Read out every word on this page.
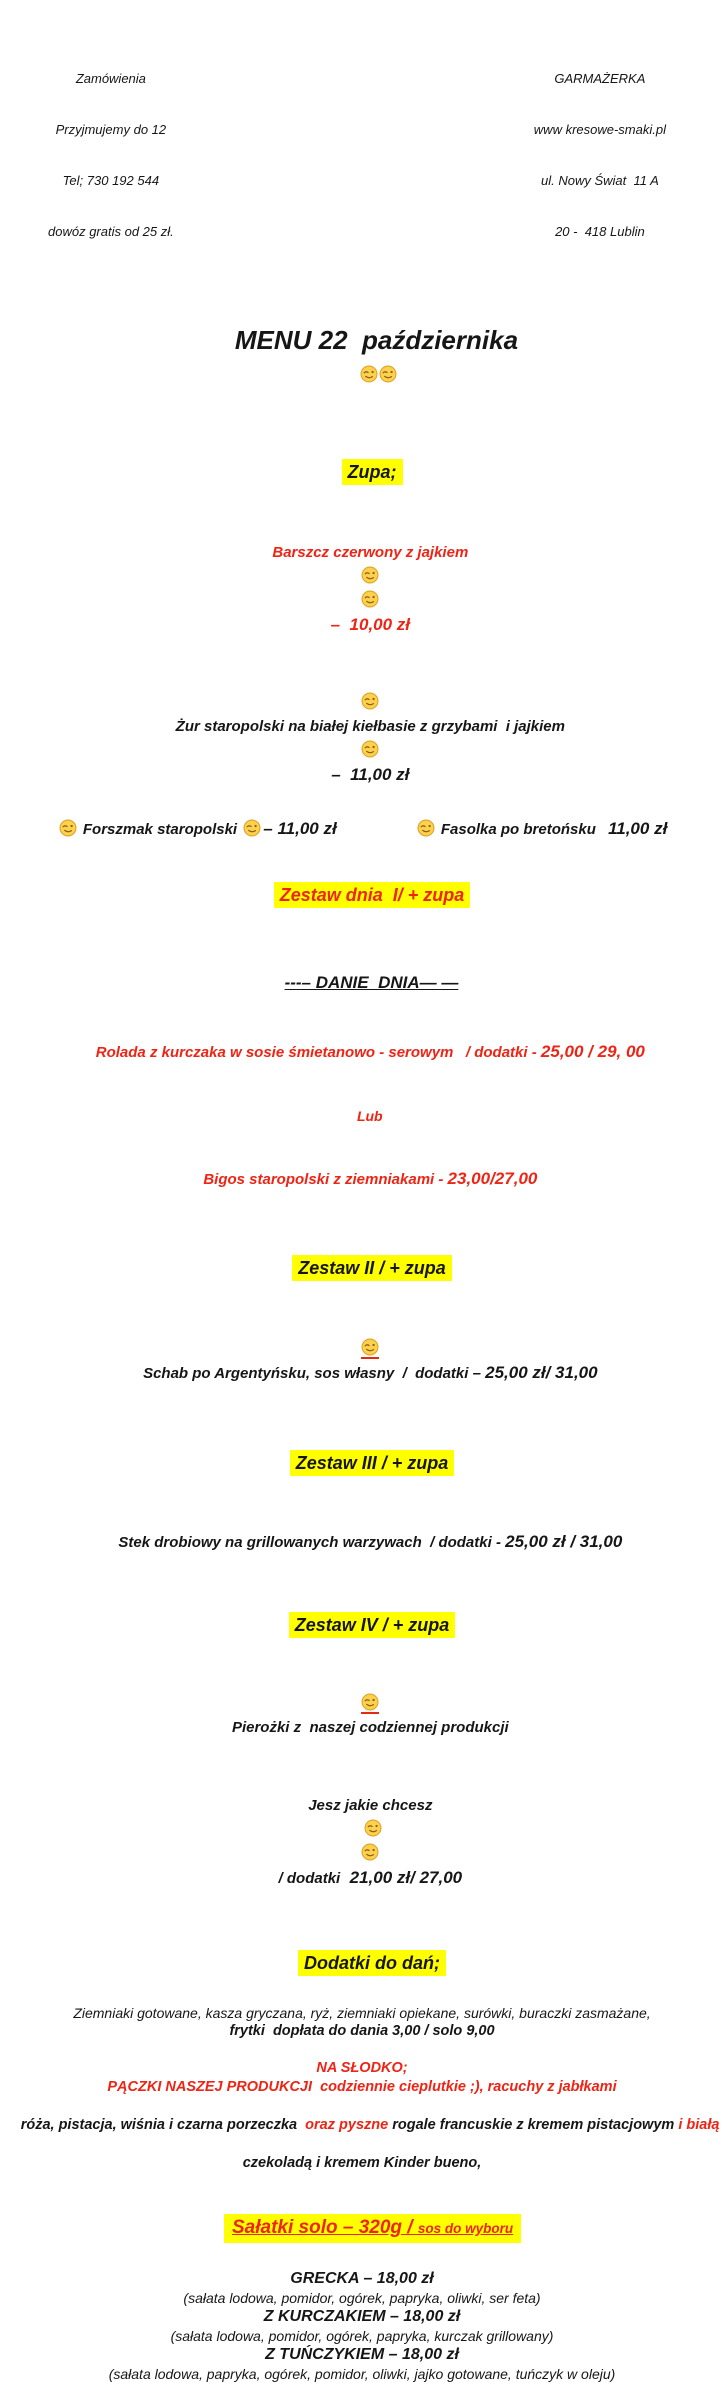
Zamówienia

Przyjmujemy do 12

Tel; 730 192 544

dowóz gratis od 25 zł.

GARMAŻERKA

www kresowe-smaki.pl

ul. Nowy Świat  11 A

20 -  418 Lublin

MENU 22  października

Zupa;

Barszcz czerwony z jajkiem

–  10,00 zł

Żur staropolski na białej kiełbasie z grzybami  i jajkiem

–  11,00 zł

Forszmak staropolski – 11,00 zł	Fasolka po bretońsku 11,00 zł

Zestaw dnia  I/ + zupa

---– DANIE  DNIA— —

Rolada z kurczaka w sosie śmietanowo - serowym   / dodatki - 25,00 / 29, 00

Lub

Bigos staropolski z ziemniakami - 23,00/27,00

Zestaw II / + zupa

Schab po Argentyńsku, sos własny  /  dodatki – 25,00 zł/ 31,00

Zestaw III / + zupa

Stek drobiowy na grillowanych warzywach  / dodatki - 25,00 zł / 31,00

Zestaw IV / + zupa

Pierożki z  naszej codziennej produkcji

Jesz jakie chcesz

/ dodatki  21,00 zł/ 27,00

Dodatki do dań;

Ziemniaki gotowane, kasza gryczana, ryż, ziemniaki opiekane, surówki, buraczki zasmażane,
frytki  dopłata do dania 3,00 / solo 9,00
NA SŁODKO;
PĄCZKI NASZEJ PRODUKCJI  codziennie cieplutkie ;), racuchy z jabłkami

róża, pistacja, wiśnia i czarna porzeczka  oraz pyszne rogale francuskie z kremem pistacjowym i białą

czekoladą i kremem Kinder bueno,

Sałatki solo – 320g / sos do wyboru

GRECKA – 18,00 zł
(sałata lodowa, pomidor, ogórek, papryka, oliwki, ser feta)
Z KURCZAKIEM – 18,00 zł
(sałata lodowa, pomidor, ogórek, papryka, kurczak grillowany)
Z TUŃCZYKIEM – 18,00 zł
(sałata lodowa, papryka, ogórek, pomidor, oliwki, jajko gotowane, tuńczyk w oleju)
